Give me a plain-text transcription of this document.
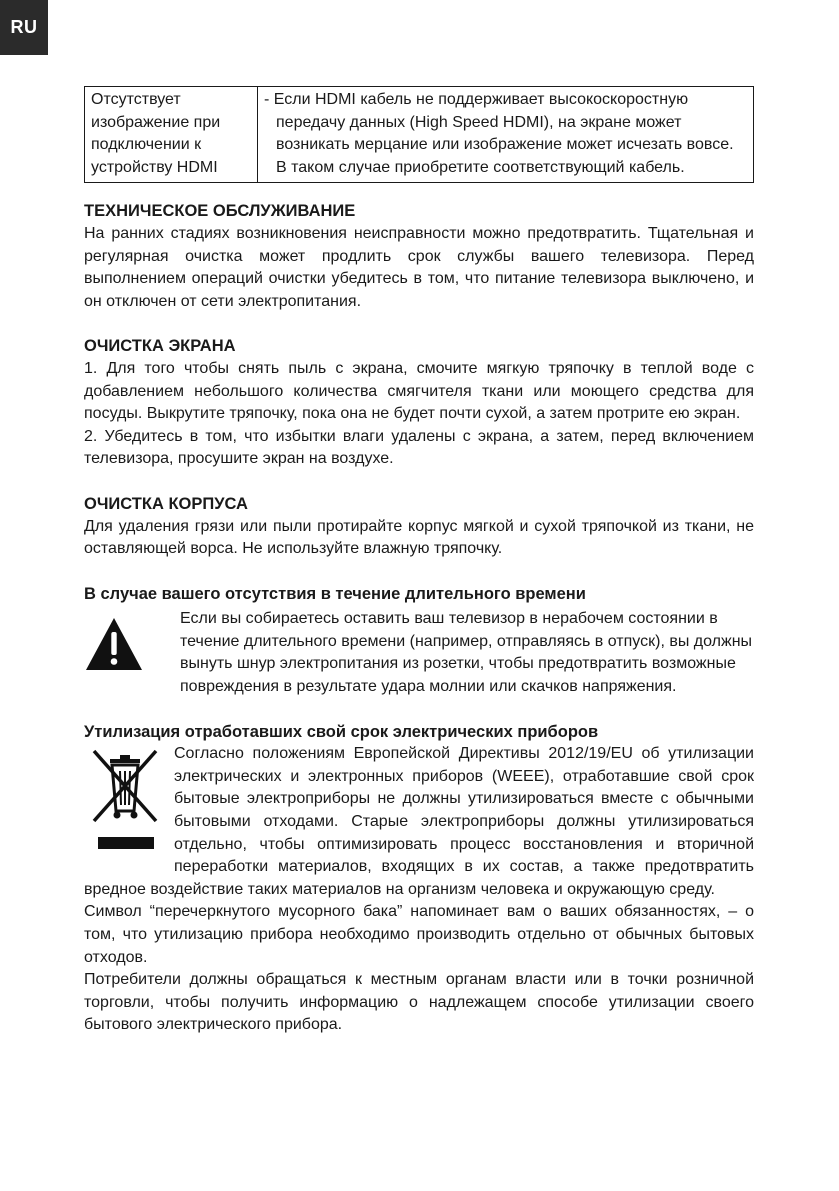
RU
Отсутствует
изображение при
подключении к
устройству HDMI

- Если HDMI кабель не поддерживает высокоскоростную передачу данных (High Speed HDMI), на экране может возникать мерцание или изображение может исчезать вовсе. В таком случае приобретите соответствующий кабель.
ТЕХНИЧЕСКОЕ ОБСЛУЖИВАНИЕ

На ранних стадиях возникновения неисправности можно предотвратить. Тщательная и регулярная очистка может продлить срок службы вашего телевизора. Перед выполнением операций очистки убедитесь в том, что питание телевизора выключено, и он отключен от сети электропитания.

ОЧИСТКА ЭКРАНА

1. Для того чтобы снять пыль с экрана, смочите мягкую тряпочку в теплой воде с добавлением небольшого количества смягчителя ткани или моющего средства для посуды. Выкрутите тряпочку, пока она не будет почти сухой, а затем протрите ею экран.

2. Убедитесь в том, что избытки влаги удалены с экрана, а затем, перед включением телевизора, просушите экран на воздухе.

ОЧИСТКА КОРПУСА

Для удаления грязи или пыли протирайте корпус мягкой и сухой тряпочкой из ткани, не оставляющей ворса. Не используйте влажную тряпочку.

В случае вашего отсутствия в течение длительного времени

Если вы собираетесь оставить ваш телевизор в нерабочем состоянии в течение длительного времени (например, отправляясь в отпуск), вы должны вынуть шнур электропитания из розетки, чтобы предотвратить возможные повреждения в результате удара молнии или скачков напряжения.

Утилизация отработавших свой срок электрических приборов

Согласно положениям Европейской Директивы 2012/19/EU об утилизации электрических и электронных приборов (WEEE), отработавшие свой срок бытовые электроприборы не должны утилизироваться вместе с обычными бытовыми отходами. Старые электроприборы должны утилизироваться отдельно, чтобы оптимизировать процесс восстановления и вторичной переработки материалов, входящих в их состав, а также предотвратить вредное воздействие таких материалов на организм человека и окружающую среду.

Символ “перечеркнутого мусорного бака” напоминает вам о ваших обязанностях, – о том, что утилизацию прибора необходимо производить отдельно от обычных бытовых отходов.

Потребители должны обращаться к местным органам власти или в точки розничной торговли, чтобы получить информацию о надлежащем способе утилизации своего бытового электрического прибора.
